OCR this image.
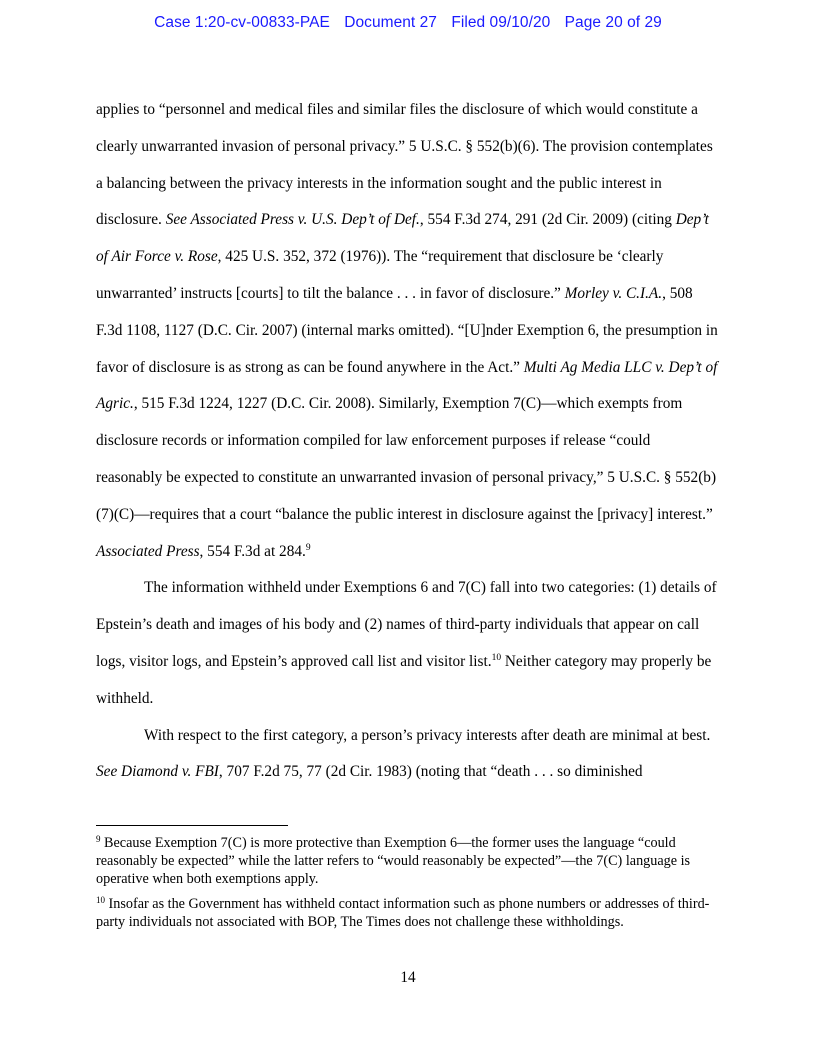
Case 1:20-cv-00833-PAE Document 27 Filed 09/10/20 Page 20 of 29

applies to “personnel and medical files and similar files the disclosure of which would constitute a clearly unwarranted invasion of personal privacy.” 5 U.S.C. § 552(b)(6). The provision contemplates a balancing between the privacy interests in the information sought and the public interest in disclosure. See Associated Press v. U.S. Dep’t of Def., 554 F.3d 274, 291 (2d Cir. 2009) (citing Dep’t of Air Force v. Rose, 425 U.S. 352, 372 (1976)). The “requirement that disclosure be ‘clearly unwarranted’ instructs [courts] to tilt the balance . . . in favor of disclosure.” Morley v. C.I.A., 508 F.3d 1108, 1127 (D.C. Cir. 2007) (internal marks omitted). “[U]nder Exemption 6, the presumption in favor of disclosure is as strong as can be found anywhere in the Act.” Multi Ag Media LLC v. Dep’t of Agric., 515 F.3d 1224, 1227 (D.C. Cir. 2008). Similarly, Exemption 7(C)—which exempts from disclosure records or information compiled for law enforcement purposes if release “could reasonably be expected to constitute an unwarranted invasion of personal privacy,” 5 U.S.C. § 552(b)(7)(C)—requires that a court “balance the public interest in disclosure against the [privacy] interest.” Associated Press, 554 F.3d at 284.$^9$

The information withheld under Exemptions 6 and 7(C) fall into two categories: (1) details of Epstein’s death and images of his body and (2) names of third-party individuals that appear on call logs, visitor logs, and Epstein’s approved call list and visitor list.$^{10}$ Neither category may properly be withheld.

With respect to the first category, a person’s privacy interests after death are minimal at best. See Diamond v. FBI, 707 F.2d 75, 77 (2d Cir. 1983) (noting that “death . . . so diminished

$^9$ Because Exemption 7(C) is more protective than Exemption 6—the former uses the language “could reasonably be expected” while the latter refers to “would reasonably be expected”—the 7(C) language is operative when both exemptions apply.

$^{10}$ Insofar as the Government has withheld contact information such as phone numbers or addresses of third-party individuals not associated with BOP, The Times does not challenge these withholdings.

14
